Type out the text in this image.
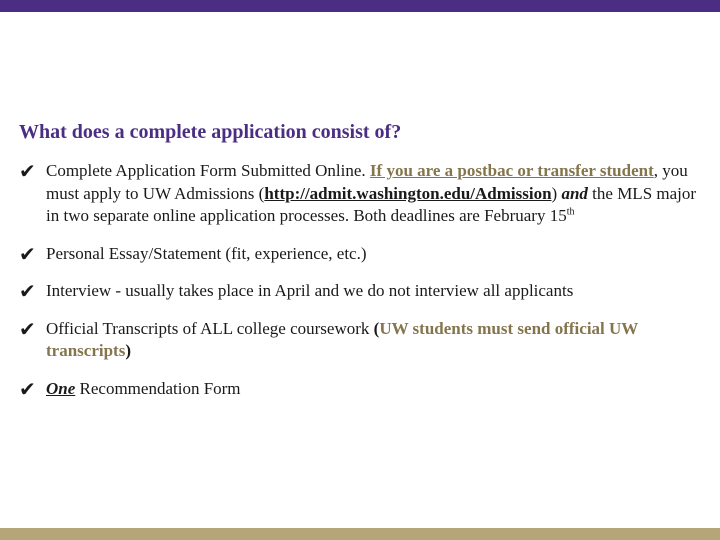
What does a complete application consist of?
✔ Complete Application Form Submitted Online. If you are a postbac or transfer student, you must apply to UW Admissions (http://admit.washington.edu/Admission) and the MLS major in two separate online application processes. Both deadlines are February 15th
✔ Personal Essay/Statement (fit, experience, etc.)
✔ Interview - usually takes place in April and we do not interview all applicants
✔ Official Transcripts of ALL college coursework (UW students must send official UW transcripts)
✔ One Recommendation Form
